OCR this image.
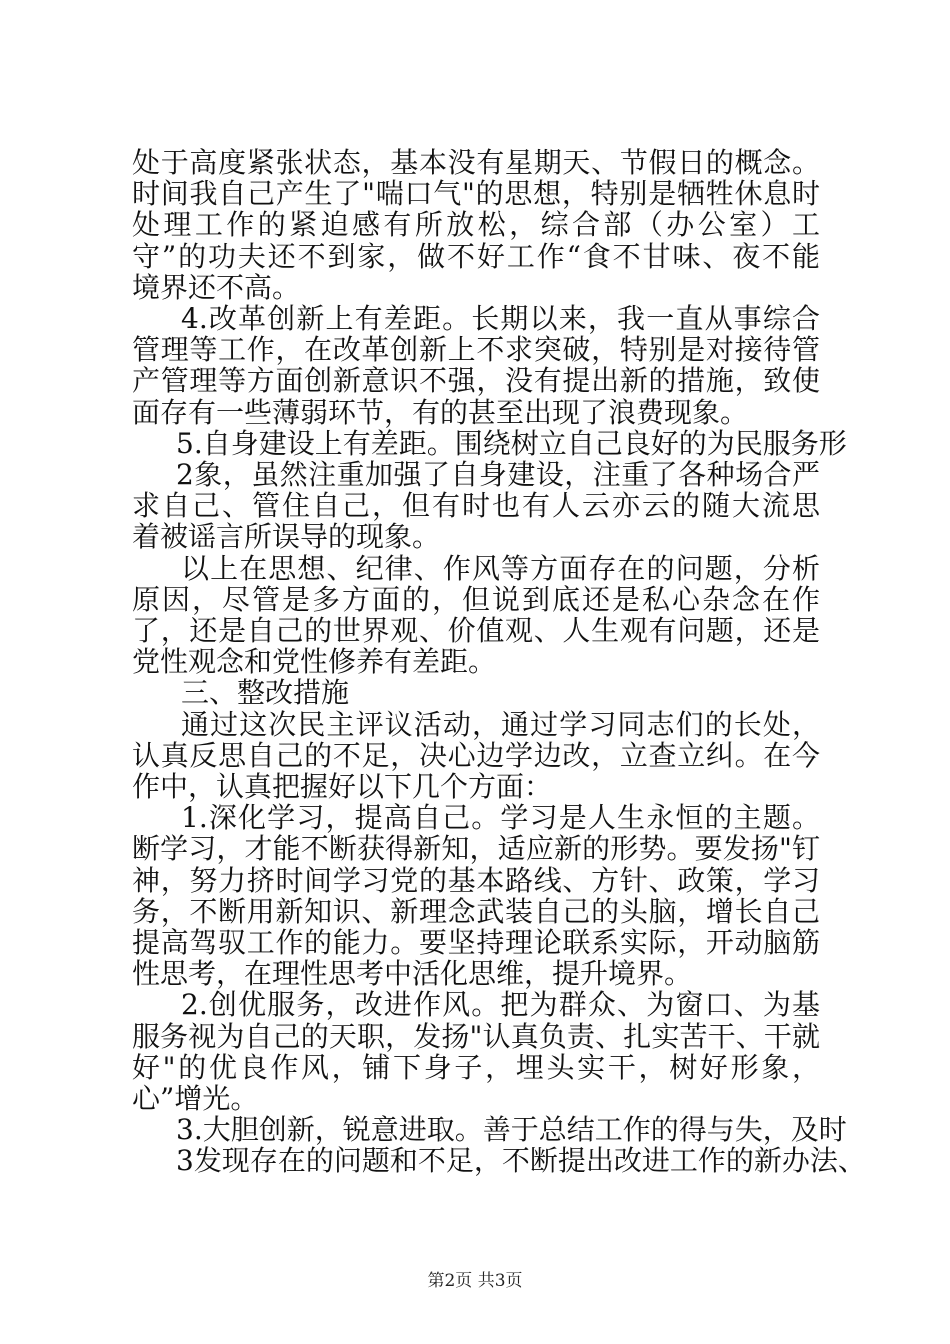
处于高度紧张状态，基本没有星期天、节假日的概念。
时间我自己产生了"喘口气"的思想，特别是牺牲休息时
处理工作的紧迫感有所放松，综合部（办公室）工
守”的功夫还不到家，做不好工作“食不甘味、夜不能
境界还不高。
4.改革创新上有差距。长期以来，我一直从事综合
管理等工作，在改革创新上不求突破，特别是对接待管
产管理等方面创新意识不强，没有提出新的措施，致使
面存有一些薄弱环节，有的甚至出现了浪费现象。
5.自身建设上有差距。围绕树立自己良好的为民服务形
2象，虽然注重加强了自身建设，注重了各种场合严
求自己、管住自己，但有时也有人云亦云的随大流思
着被谣言所误导的现象。
以上在思想、纪律、作风等方面存在的问题，分析
原因，尽管是多方面的，但说到底还是私心杂念在作
了，还是自己的世界观、价值观、人生观有问题，还是
党性观念和党性修养有差距。
三、整改措施
通过这次民主评议活动，通过学习同志们的长处，
认真反思自己的不足，决心边学边改，立查立纠。在今
作中，认真把握好以下几个方面：
1.深化学习，提高自己。学习是人生永恒的主题。
断学习，才能不断获得新知，适应新的形势。要发扬"钉
神，努力挤时间学习党的基本路线、方针、政策，学习
务，不断用新知识、新理念武装自己的头脑，增长自己
提高驾驭工作的能力。要坚持理论联系实际，开动脑筋
性思考，在理性思考中活化思维，提升境界。
2.创优服务，改进作风。把为群众、为窗口、为基
服务视为自己的天职，发扬"认真负责、扎实苦干、干就
好"的优良作风，铺下身子，埋头实干，树好形象，
心”增光。
3.大胆创新，锐意进取。善于总结工作的得与失，及时
3发现存在的问题和不足，不断提出改进工作的新办法、
第2页 共3页
